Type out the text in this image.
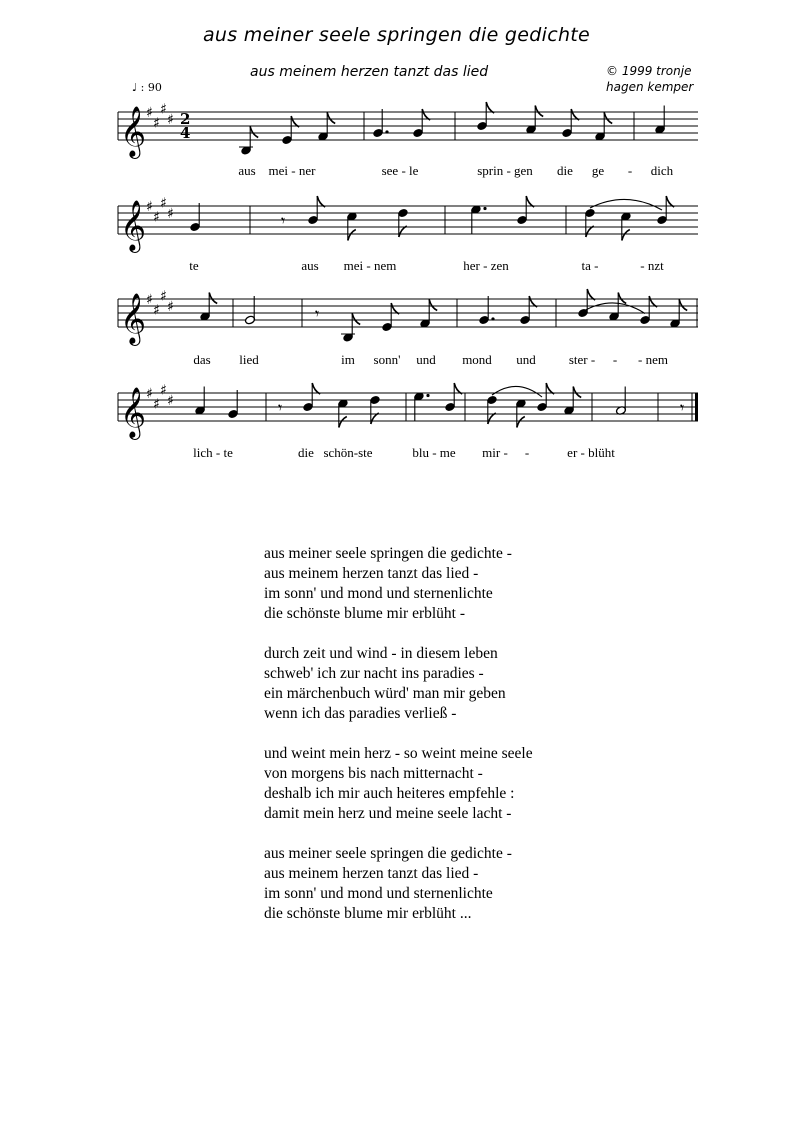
aus meiner seele springen die gedichte
aus meinem herzen tanzt das lied	© 1999 tronje
hagen kemper
♩ : 90
𝄞 ♯
♯
♯
♯ 2
4
𝄞 ♯
♯
♯
♯
𝄞 ♯
♯
♯
♯
𝄞 ♯
♯
♯
♯
𝄾
𝄾
𝄾	𝄾
aus mei - ner	see - le	sprin - gen die ge - dich
te	aus mei - nem	her - zen	ta -	- nzt
das lied	im sonn' und mond und	ster - - - nem
lich - te	die schön-ste	blu - me mir - -	er - blüht
aus meiner seele springen die gedichte -
aus meinem herzen tanzt das lied -
im sonn' und mond und sternenlichte
die schönste blume mir erblüht -
durch zeit und wind - in diesem leben
schweb' ich zur nacht ins paradies -
ein märchenbuch würd' man mir geben
wenn ich das paradies verließ -
und weint mein herz - so weint meine seele
von morgens bis nach mitternacht -
deshalb ich mir auch heiteres empfehle :
damit mein herz und meine seele lacht -
aus meiner seele springen die gedichte -
aus meinem herzen tanzt das lied -
im sonn' und mond und sternenlichte
die schönste blume mir erblüht ...
